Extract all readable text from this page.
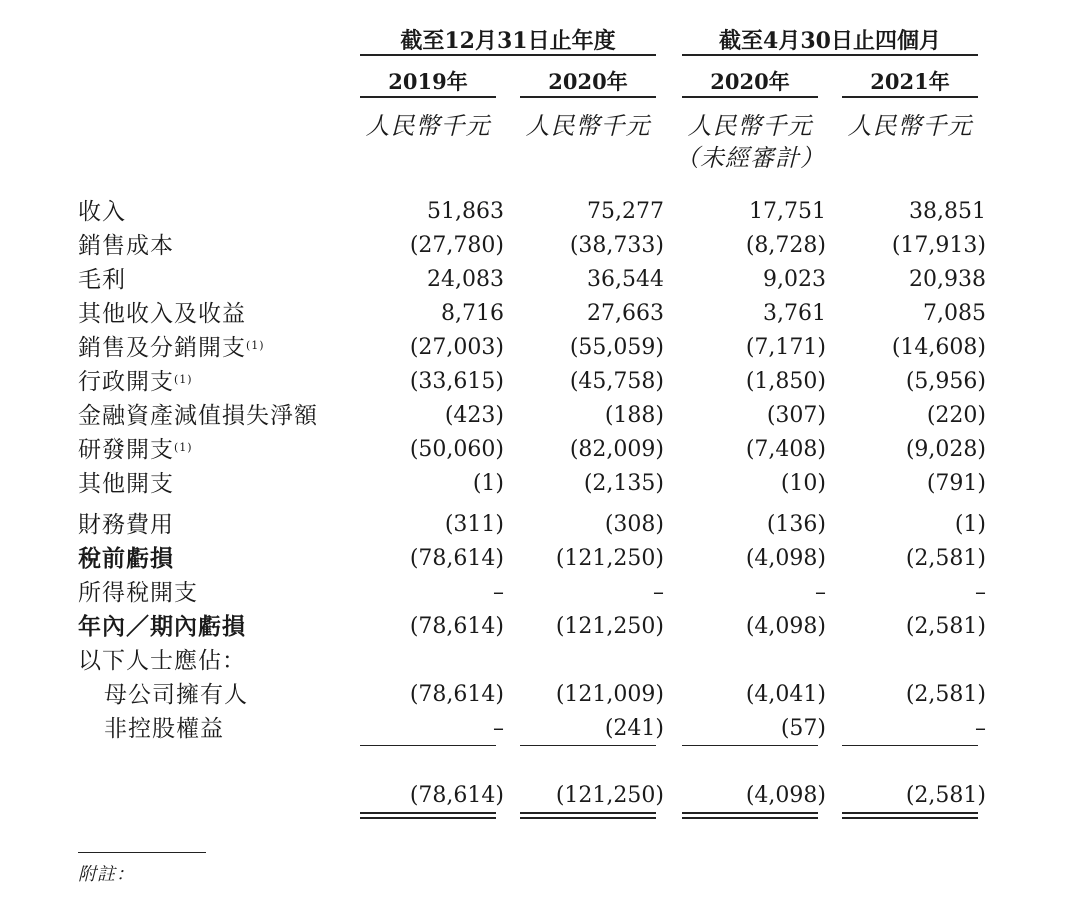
截至12月31日止年度	截至4月30日止四個月
2019年	2020年	2020年	2021年
人民幣千元	人民幣千元	人民幣千元	人民幣千元
（未經審計）
收入	51,863	75,277	17,751	38,851
銷售成本	(27,780)	(38,733)	(8,728)	(17,913)
毛利	24,083	36,544	9,023	20,938
其他收入及收益	8,716	27,663	3,761	7,085
銷售及分銷開支$^{(1)}$	(27,003)	(55,059)	(7,171)	(14,608)
行政開支$^{(1)}$	(33,615)	(45,758)	(1,850)	(5,956)
金融資產減值損失淨額	(423)	(188)	(307)	(220)
研發開支$^{(1)}$	(50,060)	(82,009)	(7,408)	(9,028)
其他開支	(1)	(2,135)	(10)	(791)
財務費用	(311)	(308)	(136)	(1)
稅前虧損	(78,614)	(121,250)	(4,098)	(2,581)
所得稅開支	–	–	–	–
年內／期內虧損	(78,614)	(121,250)	(4,098)	(2,581)
以下人士應佔：
母公司擁有人	(78,614)	(121,009)	(4,041)	(2,581)
非控股權益	–	(241)	(57)	–
(78,614)	(121,250)	(4,098)	(2,581)
附註：
